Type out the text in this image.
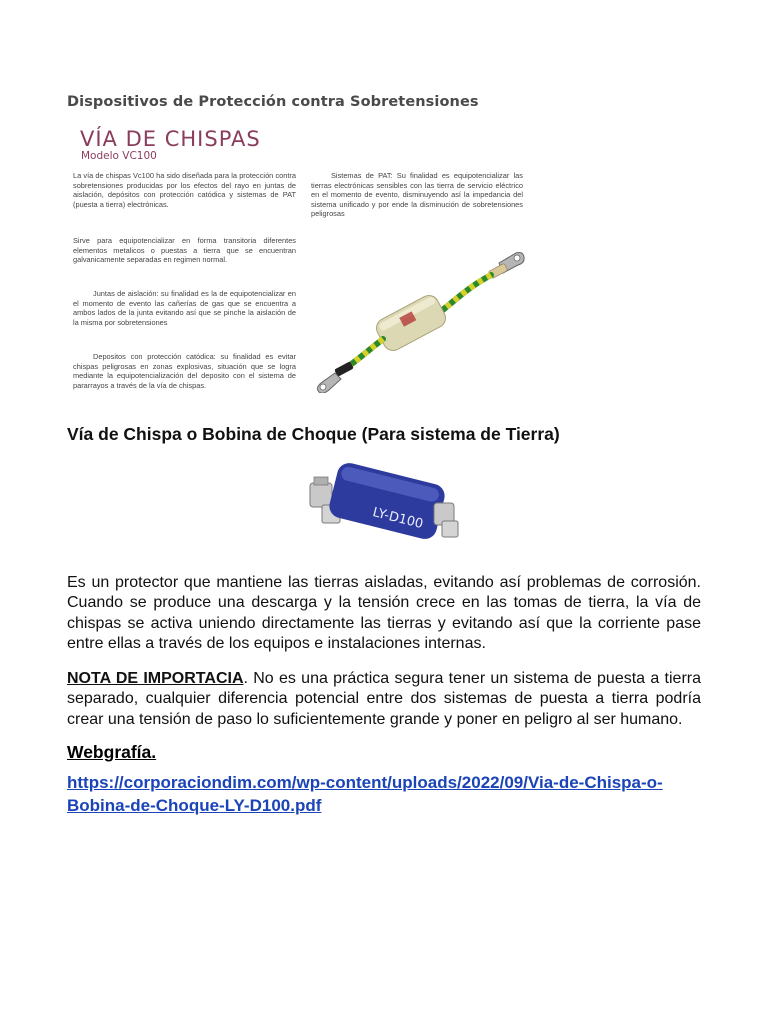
Dispositivos de Protección contra Sobretensiones
VÍA DE CHISPAS
Modelo VC100
La vía de chispas Vc100 ha sido diseñada para la protección contra sobretensiones producidas por los efectos del rayo en juntas de aislación, depósitos con protección catódica y sistemas de PAT (puesta a tierra) electrónicas.
Sirve para equipotencializar en forma transitoria diferentes elementos metalicos o puestas a tierra que se encuentran galvanicamente separadas en regimen normal.
Juntas de aislación: su finalidad es la de equipotencializar en el momento de evento las cañerías de gas que se encuentra a ambos lados de la junta evitando así que se pinche la aislación de la misma por sobretensiones
Depositos con protección catódica: su finalidad es evitar chispas peligrosas en zonas explosivas, situación que se logra mediante la equipotencialización del deposito con el sistema de pararrayos a través de la vía de chispas.
Sistemas de PAT: Su finalidad es equipotencializar las tierras electrónicas sensibles con las tierra de servicio eléctrico en el momento de evento, disminuyendo así la impedancia del sistema unificado y por ende la disminución de sobretensiones peligrosas
Vía de Chispa o Bobina de Choque (Para sistema de Tierra)
LY-D100
Es un protector que mantiene las tierras aisladas, evitando así problemas de corrosión. Cuando se produce una descarga y la tensión crece en las tomas de tierra, la vía de chispas se activa uniendo directamente las tierras y evitando así que la corriente pase entre ellas a través de los equipos e instalaciones internas.
NOTA DE IMPORTACIA. No es una práctica segura tener un sistema de puesta a tierra separado, cualquier diferencia potencial entre dos sistemas de puesta a tierra podría crear una tensión de paso lo suficientemente grande y poner en peligro al ser humano.
Webgrafía.
https://corporaciondim.com/wp-content/uploads/2022/09/Via-de-Chispa-o-Bobina-de-Choque-LY-D100.pdf
